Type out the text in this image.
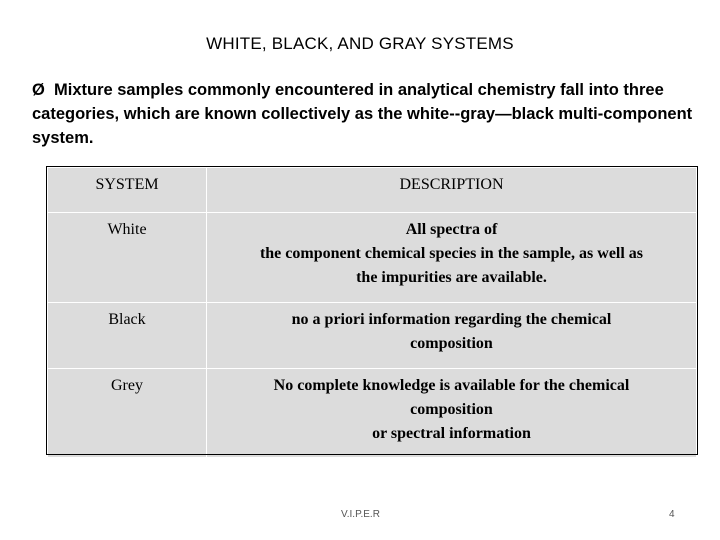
WHITE, BLACK, AND GRAY SYSTEMS
Ø Mixture samples commonly encountered in analytical chemistry fall into three categories, which are known collectively as the white--gray—black multi-component system.
SYSTEM	DESCRIPTION
White	All spectra of
the component chemical species in the sample, as well as
the impurities are available.

Black	no a priori information regarding the chemical
composition

Grey	No complete knowledge is available for the chemical
composition
or spectral information
V.I.P.E.R	4
